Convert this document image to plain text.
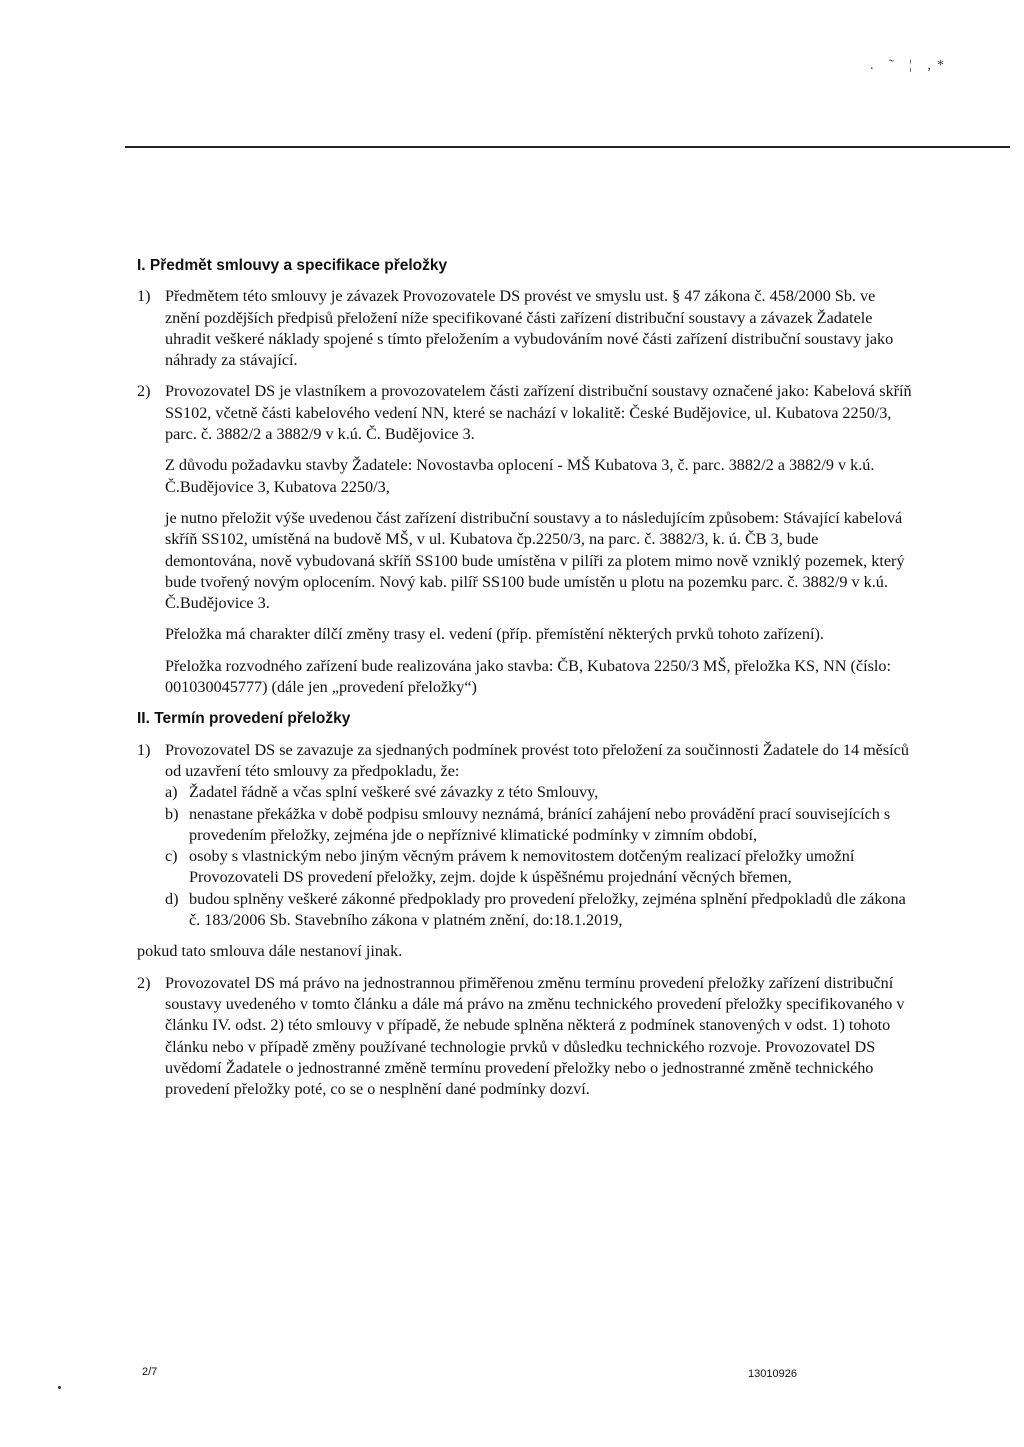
. ˜ ¦ ,*
I. Předmět smlouvy a specifikace přeložky
1) Předmětem této smlouvy je závazek Provozovatele DS provést ve smyslu ust. § 47 zákona č. 458/2000 Sb. ve znění pozdějších předpisů přeložení níže specifikované části zařízení distribuční soustavy a závazek Žadatele uhradit veškeré náklady spojené s tímto přeložením a vybudováním nové části zařízení distribuční soustavy jako náhrady za stávající.
2) Provozovatel DS je vlastníkem a provozovatelem části zařízení distribuční soustavy označené jako: Kabelová skříň SS102, včetně části kabelového vedení NN, které se nachází v lokalitě: České Budějovice, ul. Kubatova 2250/3, parc. č. 3882/2 a 3882/9 v k.ú. Č. Budějovice 3.
Z důvodu požadavku stavby Žadatele: Novostavba oplocení - MŠ Kubatova 3, č. parc. 3882/2 a 3882/9 v k.ú. Č.Budějovice 3, Kubatova 2250/3,
je nutno přeložit výše uvedenou část zařízení distribuční soustavy a to následujícím způsobem: Stávající kabelová skříň SS102, umístěná na budově MŠ, v ul. Kubatova čp.2250/3, na parc. č. 3882/3, k. ú. ČB 3, bude demontována, nově vybudovaná skříň SS100 bude umístěna v pilíři za plotem mimo nově vzniklý pozemek, který bude tvořený novým oplocením. Nový kab. pilíř SS100 bude umístěn u plotu na pozemku parc. č. 3882/9 v k.ú. Č.Budějovice 3.
Přeložka má charakter dílčí změny trasy el. vedení (příp. přemístění některých prvků tohoto zařízení).
Přeložka rozvodného zařízení bude realizována jako stavba: ČB, Kubatova 2250/3 MŠ, přeložka KS, NN (číslo: 001030045777) (dále jen „provedení přeložky“)
II. Termín provedení přeložky
1) Provozovatel DS se zavazuje za sjednaných podmínek provést toto přeložení za součinnosti Žadatele do 14 měsíců od uzavření této smlouvy za předpokladu, že:
a) Žadatel řádně a včas splní veškeré své závazky z této Smlouvy,
b) nenastane překážka v době podpisu smlouvy neznámá, bránící zahájení nebo provádění prací souvisejících s provedením přeložky, zejména jde o nepříznivé klimatické podmínky v zimním období,
c) osoby s vlastnickým nebo jiným věcným právem k nemovitostem dotčeným realizací přeložky umožní Provozovateli DS provedení přeložky, zejm. dojde k úspěšnému projednání věcných břemen,
d) budou splněny veškeré zákonné předpoklady pro provedení přeložky, zejména splnění předpokladů dle zákona č. 183/2006 Sb. Stavebního zákona v platném znění, do:18.1.2019,
pokud tato smlouva dále nestanoví jinak.
2) Provozovatel DS má právo na jednostrannou přiměřenou změnu termínu provedení přeložky zařízení distribuční soustavy uvedeného v tomto článku a dále má právo na změnu technického provedení přeložky specifikovaného v článku IV. odst. 2) této smlouvy v případě, že nebude splněna některá z podmínek stanovených v odst. 1) tohoto článku nebo v případě změny používané technologie prvků v důsledku technického rozvoje. Provozovatel DS uvědomí Žadatele o jednostranné změně termínu provedení přeložky nebo o jednostranné změně technického provedení přeložky poté, co se o nesplnění dané podmínky dozví.
2/7	13010926
